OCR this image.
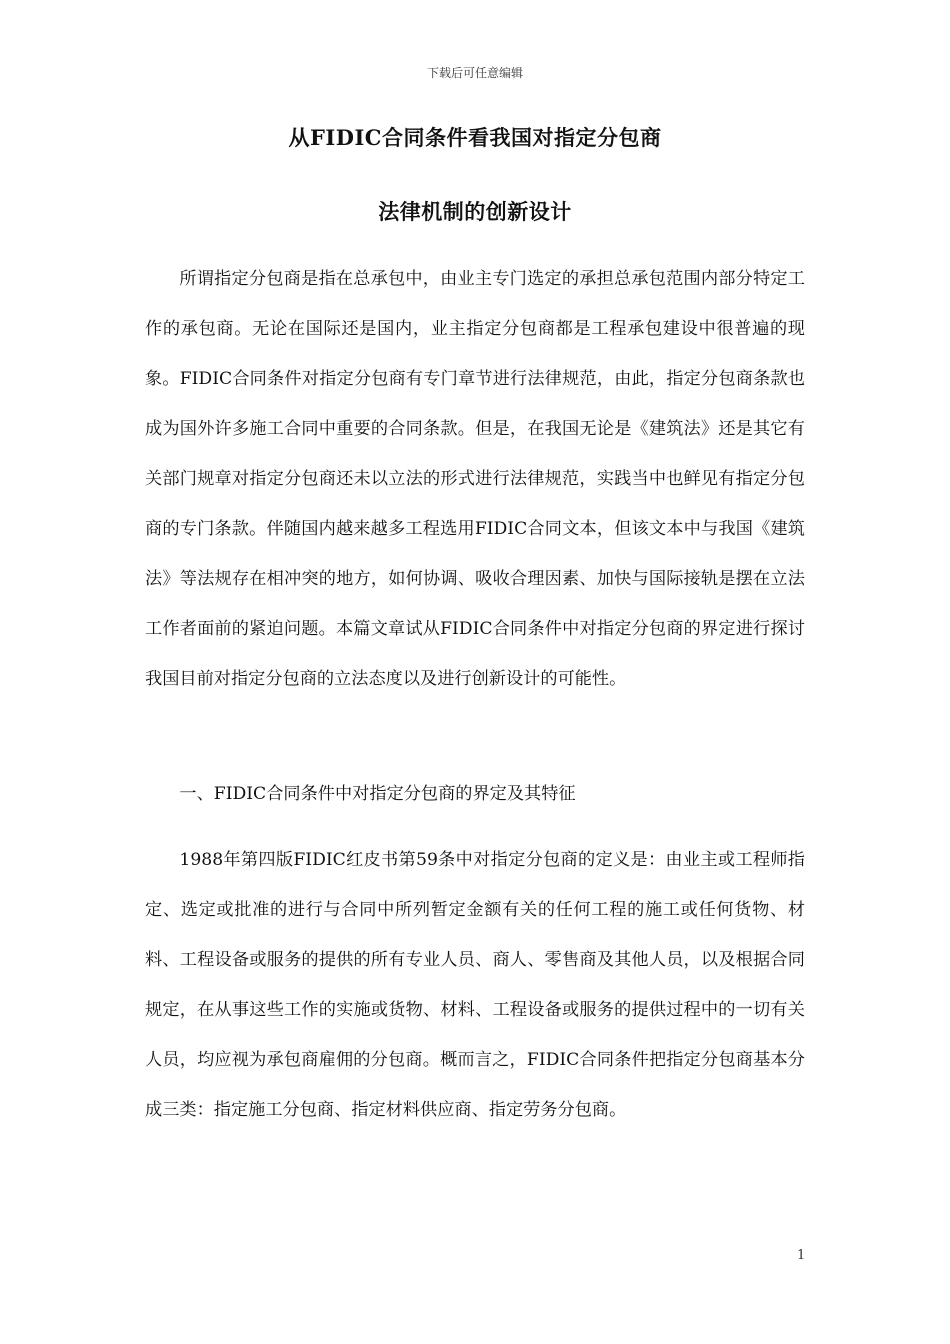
下载后可任意编辑
从FIDIC合同条件看我国对指定分包商
法律机制的创新设计

所谓指定分包商是指在总承包中，由业主专门选定的承担总承包范围内部分特定工作的承包商。无论在国际还是国内，业主指定分包商都是工程承包建设中很普遍的现象。FIDIC合同条件对指定分包商有专门章节进行法律规范，由此，指定分包商条款也成为国外许多施工合同中重要的合同条款。但是，在我国无论是《建筑法》还是其它有关部门规章对指定分包商还未以立法的形式进行法律规范，实践当中也鲜见有指定分包商的专门条款。伴随国内越来越多工程选用FIDIC合同文本，但该文本中与我国《建筑法》等法规存在相冲突的地方，如何协调、吸收合理因素、加快与国际接轨是摆在立法工作者面前的紧迫问题。本篇文章试从FIDIC合同条件中对指定分包商的界定进行探讨我国目前对指定分包商的立法态度以及进行创新设计的可能性。

一、FIDIC合同条件中对指定分包商的界定及其特征

1988年第四版FIDIC红皮书第59条中对指定分包商的定义是：由业主或工程师指定、选定或批准的进行与合同中所列暂定金额有关的任何工程的施工或任何货物、材料、工程设备或服务的提供的所有专业人员、商人、零售商及其他人员，以及根据合同规定，在从事这些工作的实施或货物、材料、工程设备或服务的提供过程中的一切有关人员，均应视为承包商雇佣的分包商。概而言之，FIDIC合同条件把指定分包商基本分成三类：指定施工分包商、指定材料供应商、指定劳务分包商。

1
